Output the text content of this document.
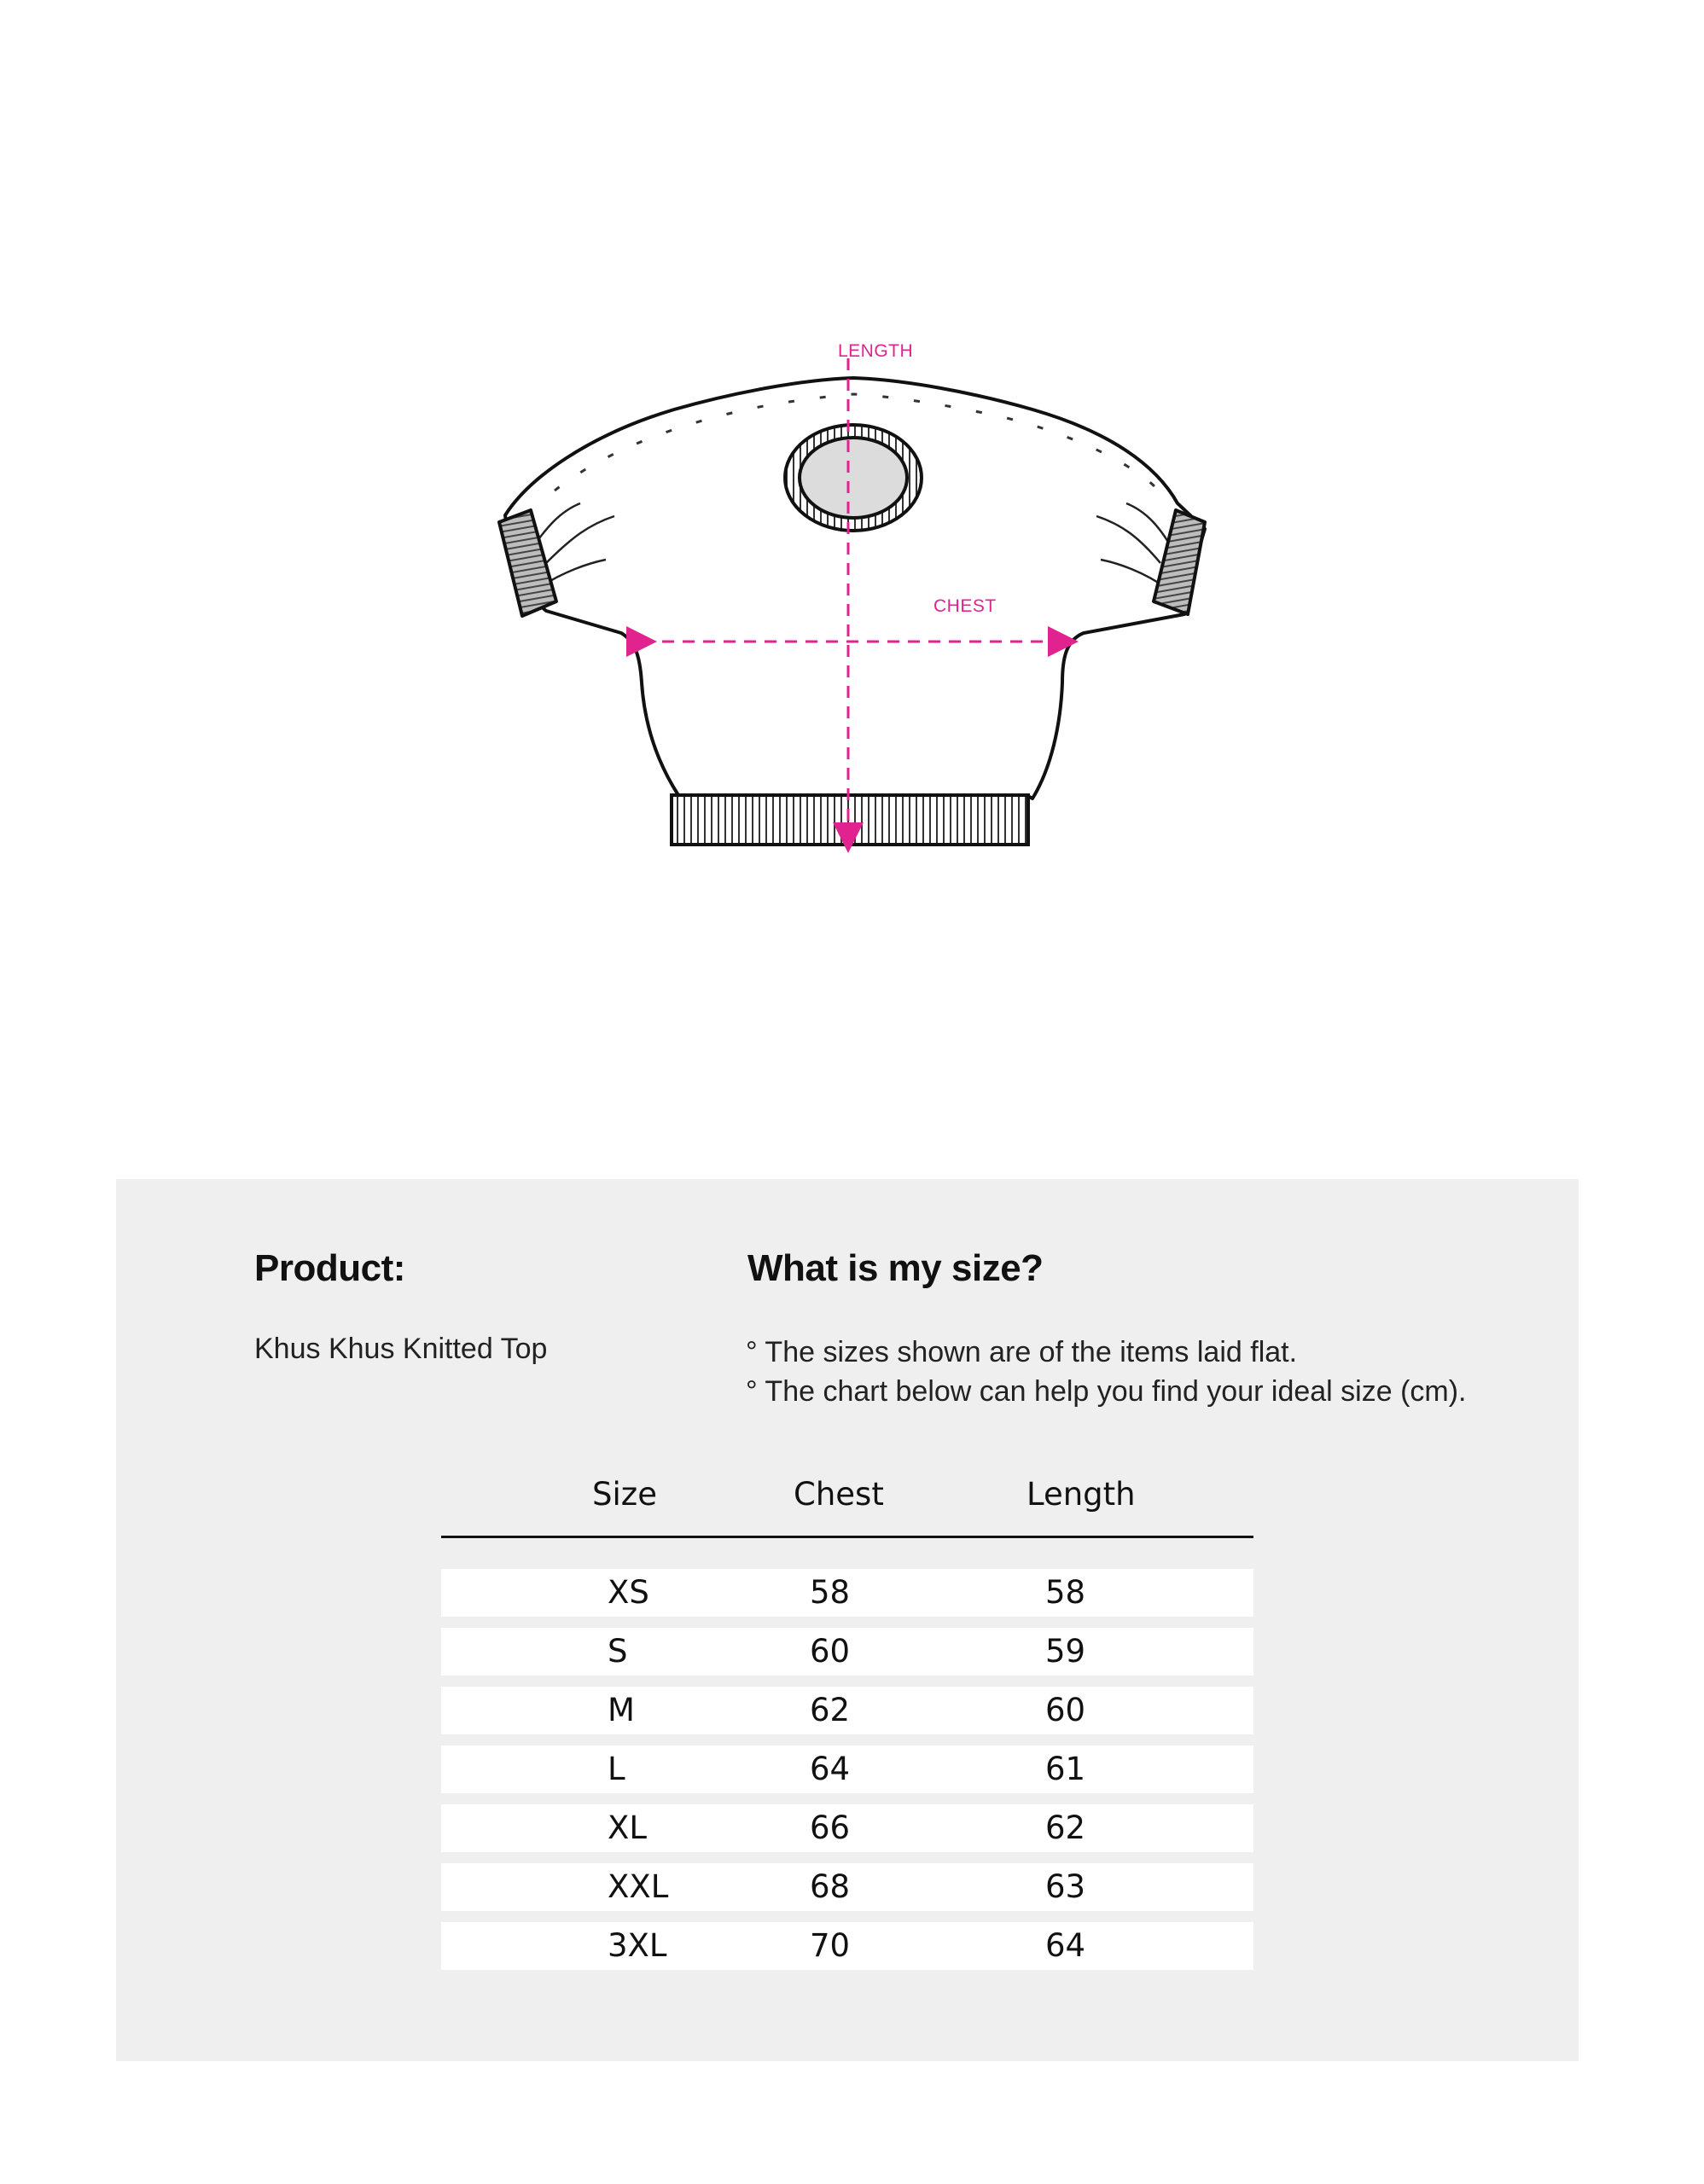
LENGTH
CHEST
Product:

Khus Khus Knitted Top

What is my size?
° The sizes shown are of the items laid flat.
° The chart below can help you find your ideal size (cm).
Size	Chest	Length
XS	58	58
S	60	59
M	62	60
L	64	61
XL	66	62
XXL	68	63
3XL	70	64
